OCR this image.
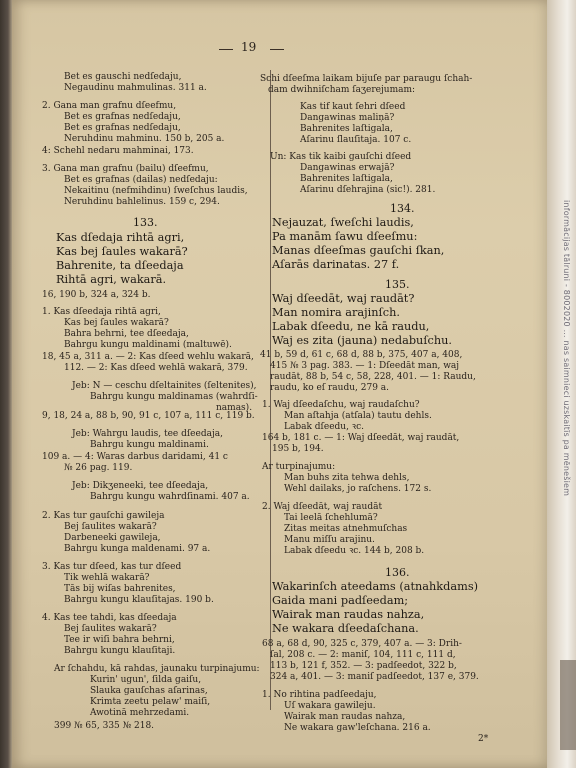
19
Bet es gauschi nedſedaju,
Negaudinu mahmulinas. 311 a.
2. Gana man grafnu dſeefmu,
Bet es grafnas nedſedaju,
Bet es grafnas nedſedaju,
Neruhdinu mahminu. 150 b, 205 a.
4: Schehl nedaru mahminai, 173.
3. Gana man grafnu (bailu) dſeefmu,
Bet es grafnas (dailas) nedſedaju:
Nekaitinu (nefmihdinu) ſweſchus laudis,
Neruhdinu bahlelinus. 159 c, 294.
133.
Kas dſedaja rihtā agri,
Kas bej ſaules wakarā?
Bahrenite, ta dſeedaja
Rihtā agri, wakarā.
16, 190 b, 324 a, 324 b.
1. Kas dſeedaja rihtā agri,
Kas bej ſaules wakarā?
Bahra behrni, tee dſeedaja,
Bahrgu kungu maldinami (maltuwē).
18, 45 a, 311 a. — 2: Kas dſeed wehlu wakarā,
112. — 2: Kas dſeed wehlā wakarā, 379.
Jeb: N — ceschu dſeltainites (ſeltenites),
Bahrgu kungu maldinamas (wahrdſi-
namas).
9, 18, 24 a, 88 b, 90, 91 c, 107 a, 111 c, 119 b.
Jeb: Wahrgu laudis, tee dſeedaja,
Bahrgu kungu maldinami.
109 a. — 4: Waras darbus daridami, 41 c
№ 26 pag. 119.
Jeb: Dikʒeneeki, tee dſeedaja,
Bahrgu kungu wahrdſinami. 407 a.
2. Kas tur gauſchi gawileja
Bej ſaulites wakarā?
Darbeneeki gawileja,
Bahrgu kunga maldenami. 97 a.
3. Kas tur dſeed, kas tur dſeed
Tik wehlā wakarā?
Tās bij wiſas bahrenites,
Bahrgu kungu klauſitajas. 190 b.
4. Kas tee tahdi, kas dſeedaja
Bej ſaulites wakarā?
Tee ir wiſi bahra behrni,
Bahrgu kungu klauſitaji.
Ar ſchahdu, kā rahdas, jaunaku turpinajumu:
Kurin' ugun', ſilda gaiſu,
Slauka gauſchas aſarinas,
Krimta zeetu pelaw' maiſi,
Awotinā mehrzedami.
399 № 65, 335 № 218.
Schi dſeeſma laikam bijuſe par paraugu ſchah-
dam dwihniſcham ſaʒerejumam:
Kas tif kaut ſehri dſeed
Dangawinas maliņā?
Bahrenites laſtigala,
Aſarinu ſlauſitaja. 107 c.
Un: Kas tik kaibi gauſchi dſeed
Dangawinas erwajā?
Bahrenites laſtigala,
Aſarinu dſehrajina (sic!). 281.
134.
Nejauzat, ſweſchi laudis,
Pa manām ſawu dſeeſmu:
Manas dſeeſmas gauſchi ſkan,
Aſarās darinatas. 27 f.
135.
Waj dſeedāt, waj raudāt?
Man nomira arajinſch.
Labak dſeedu, ne kā raudu,
Waj es zita (jauna) nedabuſchu.
41 b, 59 d, 61 c, 68 d, 88 b, 375, 407 a, 408,
415 № 3 pag. 383. — 1: Dſeedāt man, waj
raudāt, 88 b, 54 c, 58, 228, 401. — 1: Raudu,
raudu, ko eſ raudu, 279 a.
1. Waj dſeedaſchu, waj raudaſchu?
Man aſtahja (atſala) tautu dehls.
Labak dſeedu, ꝛc.
164 b, 181 c. — 1: Waj dſeedāt, waj raudāt,
195 b, 194.
Ar turpinajumu:
Man buhs zita tehwa dehls,
Wehl dailaks, jo raſchens. 172 s.
2. Waj dſeedāt, waj raudāt
Tai leelā ſchehlumā?
Zitas meitas atnehmuſchas
Manu miſſu arajinu.
Labak dſeedu ꝛc. 144 b, 208 b.
136.
Wakarinſch ateedams (atnahkdams)
Gaida mani padſeedam;
Wairak man raudas nahza,
Ne wakara dſeedaſchana.
68 a, 68 d, 90, 325 c, 379, 407 a. — 3: Drih-
ſal, 208 c. — 2: maniſ, 104, 111 c, 111 d,
113 b, 121 f, 352. — 3: padſeedot, 322 b,
324 a, 401. — 3: maniſ padſeedot, 137 e, 379.
1. No rihtina padſeedaju,
Uſ wakara gawileju.
Wairak man raudas nahza,
Ne wakara gaw'leſchana. 216 a.
2*
informācijas tālruni - 8002020 ... nas saimnieci uzskaitīs pa mēnešiem
